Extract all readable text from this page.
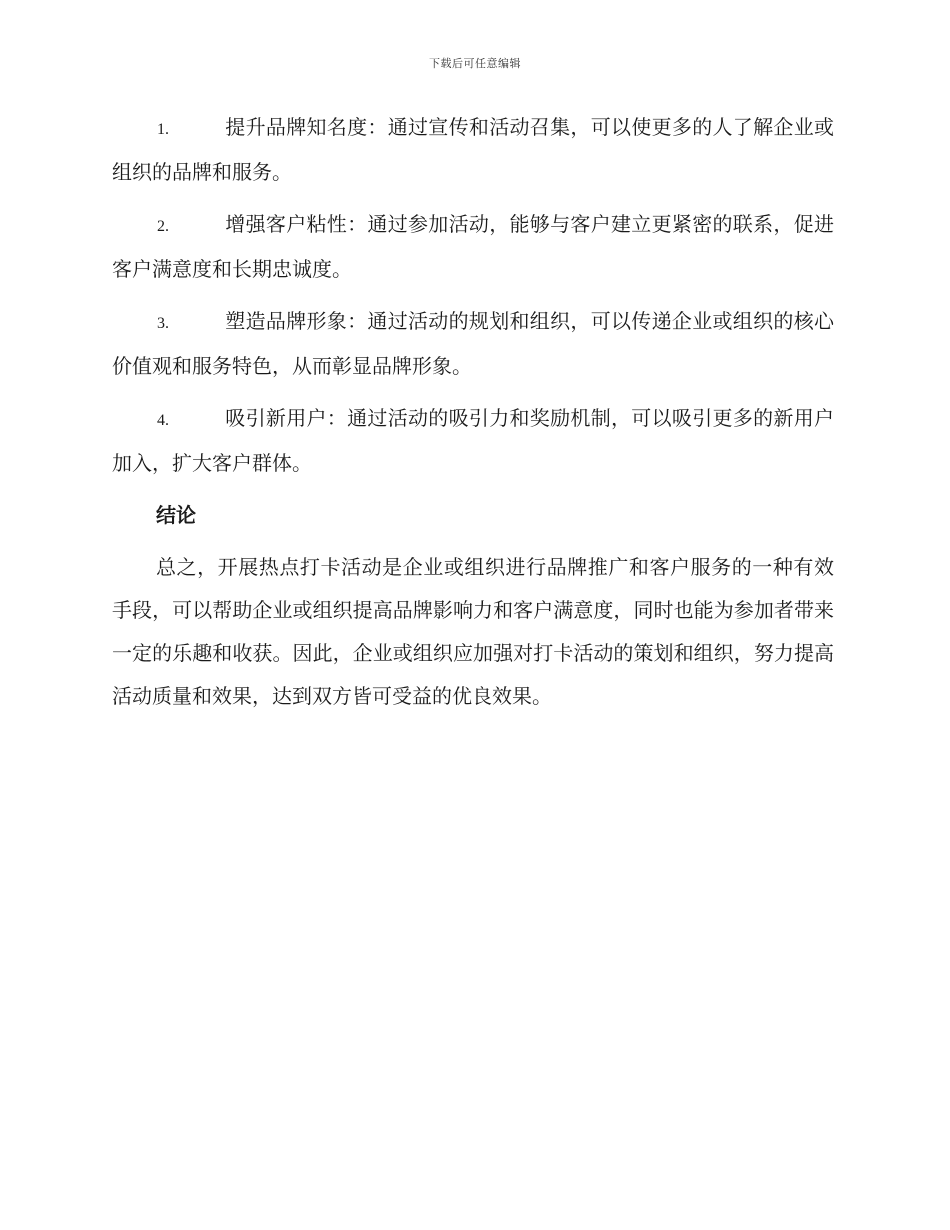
下载后可任意编辑
1.	提升品牌知名度：通过宣传和活动召集，可以使更多的人了解企业或组织的品牌和服务。
2.	增强客户粘性：通过参加活动，能够与客户建立更紧密的联系，促进客户满意度和长期忠诚度。
3.	塑造品牌形象：通过活动的规划和组织，可以传递企业或组织的核心价值观和服务特色，从而彰显品牌形象。
4.	吸引新用户：通过活动的吸引力和奖励机制，可以吸引更多的新用户加入，扩大客户群体。
结论

总之，开展热点打卡活动是企业或组织进行品牌推广和客户服务的一种有效手段，可以帮助企业或组织提高品牌影响力和客户满意度，同时也能为参加者带来一定的乐趣和收获。因此，企业或组织应加强对打卡活动的策划和组织，努力提高活动质量和效果，达到双方皆可受益的优良效果。
